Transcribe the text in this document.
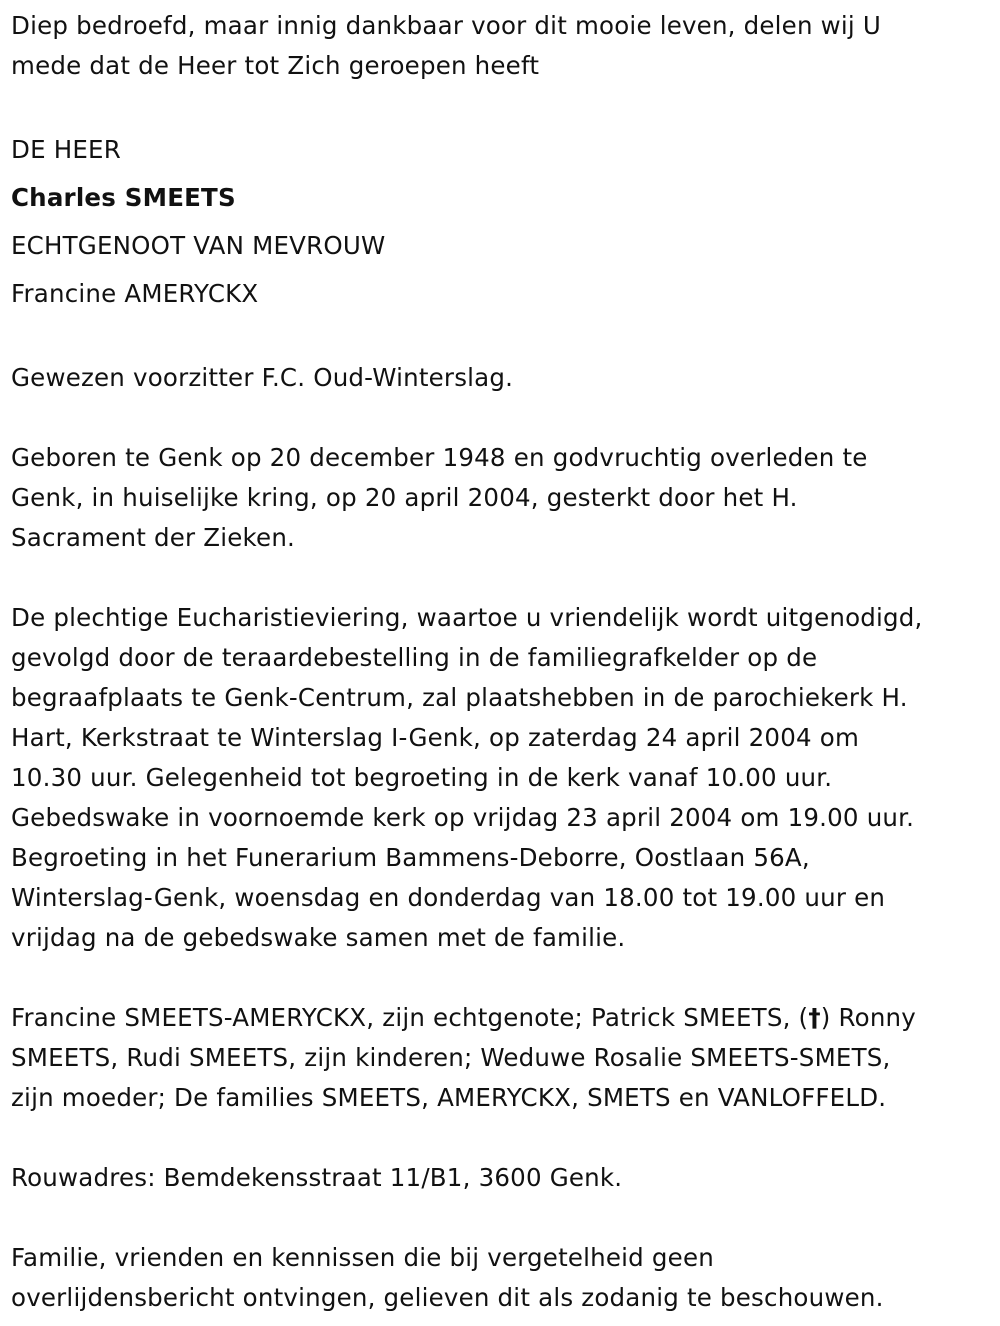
Diep bedroefd, maar innig dankbaar voor dit mooie leven, delen wij U

mede dat de Heer tot Zich geroepen heeft

DE HEER

Charles SMEETS

ECHTGENOOT VAN MEVROUW

Francine AMERYCKX

Gewezen voorzitter F.C. Oud-Winterslag.

Geboren te Genk op 20 december 1948 en godvruchtig overleden te

Genk, in huiselijke kring, op 20 april 2004, gesterkt door het H.

Sacrament der Zieken.

De plechtige Eucharistieviering, waartoe u vriendelijk wordt uitgenodigd,

gevolgd door de teraardebestelling in de familiegrafkelder op de

begraafplaats te Genk-Centrum, zal plaatshebben in de parochiekerk H.

Hart, Kerkstraat te Winterslag I-Genk, op zaterdag 24 april 2004 om

10.30 uur. Gelegenheid tot begroeting in de kerk vanaf 10.00 uur.

Gebedswake in voornoemde kerk op vrijdag 23 april 2004 om 19.00 uur.

Begroeting in het Funerarium Bammens-Deborre, Oostlaan 56A,

Winterslag-Genk, woensdag en donderdag van 18.00 tot 19.00 uur en

vrijdag na de gebedswake samen met de familie.

Francine SMEETS-AMERYCKX, zijn echtgenote; Patrick SMEETS, (†) Ronny

SMEETS, Rudi SMEETS, zijn kinderen; Weduwe Rosalie SMEETS-SMETS,

zijn moeder; De families SMEETS, AMERYCKX, SMETS en VANLOFFELD.

Rouwadres: Bemdekensstraat 11/B1, 3600 Genk.

Familie, vrienden en kennissen die bij vergetelheid geen

overlijdensbericht ontvingen, gelieven dit als zodanig te beschouwen.
